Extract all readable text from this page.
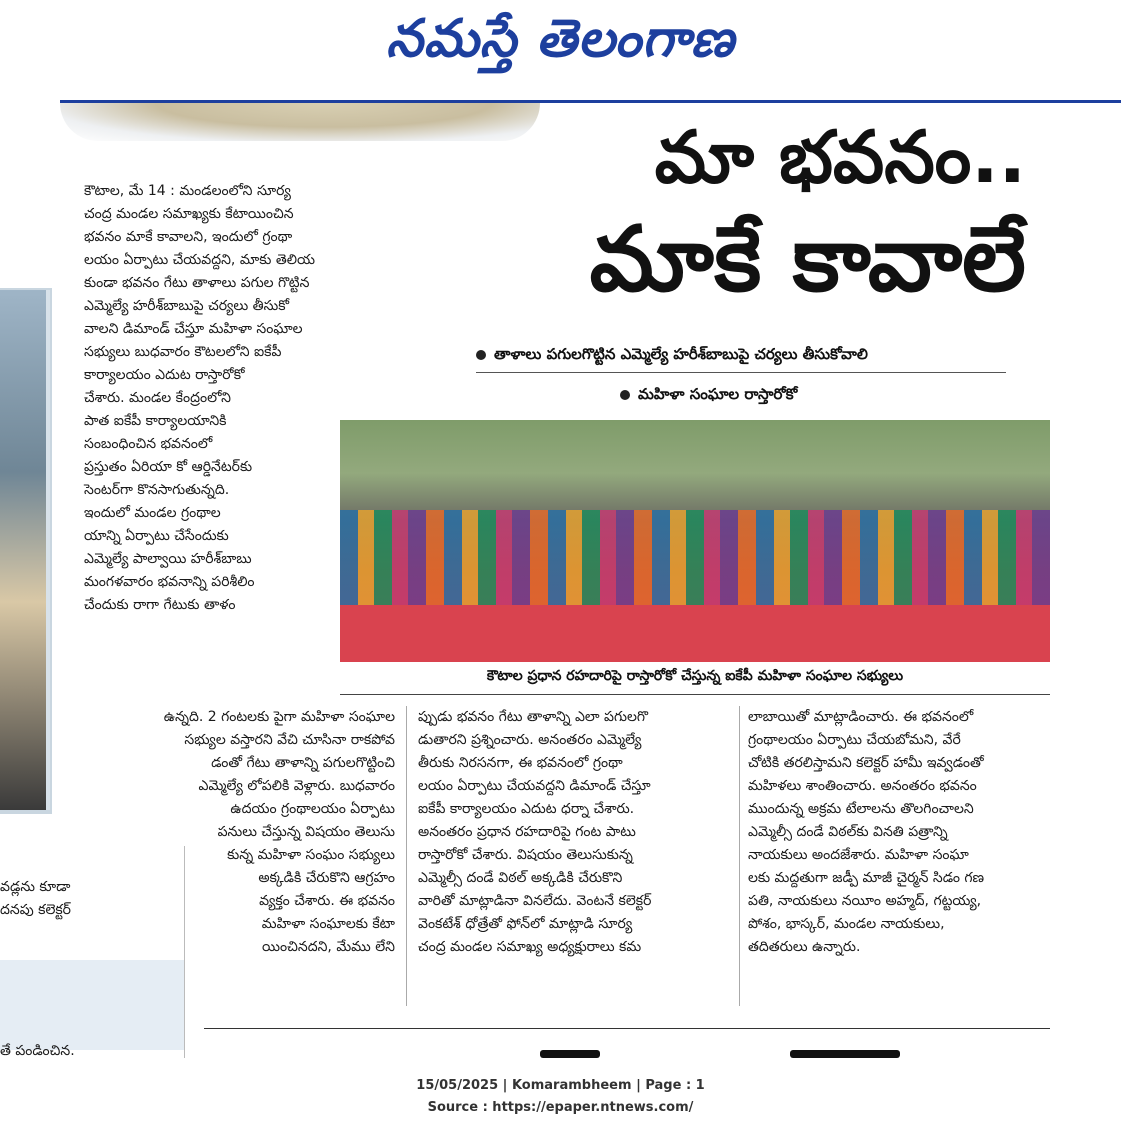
నమస్తే తెలంగాణ
మా భవనం..
మాకే కావాలే
తాళాలు పగులగొట్టిన ఎమ్మెల్యే హరీశ్‌బాబుపై చర్యలు తీసుకోవాలి
మహిళా సంఘాల రాస్తారోకో
కౌటాల ప్రధాన రహదారిపై రాస్తారోకో చేస్తున్న ఐకేపీ మహిళా సంఘాల సభ్యులు

కౌటాల, మే 14 : మండలంలోని సూర్య

చంద్ర మండల సమాఖ్యకు కేటాయించిన

భవనం మాకే కావాలని, ఇందులో గ్రంథా

లయం ఏర్పాటు చేయవద్దని, మాకు తెలియ

కుండా భవనం గేటు తాళాలు పగుల గొట్టిన

ఎమ్మెల్యే హరీశ్‌బాబుపై చర్యలు తీసుకో

వాలని డిమాండ్ చేస్తూ మహిళా సంఘాల

సభ్యులు బుధవారం కౌటలలోని ఐకేపీ

కార్యాలయం ఎదుట రాస్తారోకో

చేశారు. మండల కేంద్రంలోని

పాత ఐకేపీ కార్యాలయానికి

సంబంధించిన భవనంలో

ప్రస్తుతం ఏరియా కో ఆర్డినేటర్‌కు

సెంటర్‌గా కొనసాగుతున్నది.

ఇందులో మండల గ్రంథాల

యాన్ని ఏర్పాటు చేసేందుకు

ఎమ్మెల్యే పాల్వాయి హరీశ్‌బాబు

మంగళవారం భవనాన్ని పరిశీలిం

చేందుకు రాగా గేటుకు తాళం

ఉన్నది. 2 గంటలకు పైగా మహిళా సంఘాల
సభ్యుల వస్తారని వేచి చూసినా రాకపోవ
డంతో గేటు తాళాన్ని పగులగొట్టించి
ఎమ్మెల్యే లోపలికి వెళ్లారు. బుధవారం
ఉదయం గ్రంథాలయం ఏర్పాటు
పనులు చేస్తున్న విషయం తెలుసు
కున్న మహిళా సంఘం సభ్యులు
అక్కడికి చేరుకొని ఆగ్రహం
వ్యక్తం చేశారు. ఈ భవనం
మహిళా సంఘాలకు కేటా
యించినదని, మేము లేని
ప్పుడు భవనం గేటు తాళాన్ని ఎలా పగులగొ
డుతారని ప్రశ్నించారు. అనంతరం ఎమ్మెల్యే
తీరుకు నిరసనగా, ఈ భవనంలో గ్రంథా
లయం ఏర్పాటు చేయవద్దని డిమాండ్ చేస్తూ
ఐకేపీ కార్యాలయం ఎదుట ధర్నా చేశారు.
అనంతరం ప్రధాన రహదారిపై గంట పాటు
రాస్తారోకో చేశారు. విషయం తెలుసుకున్న
ఎమ్మెల్సీ దండే విఠల్ అక్కడికి చేరుకొని
వారితో మాట్లాడినా వినలేదు. వెంటనే కలెక్టర్
వెంకటేశ్ ధోత్రేతో ఫోన్‌లో మాట్లాడి సూర్య
చంద్ర మండల సమాఖ్య అధ్యక్షురాలు కమ
లాబాయితో మాట్లాడించారు. ఈ భవనంలో
గ్రంథాలయం ఏర్పాటు చేయబోమని, వేరే
చోటికి తరలిస్తామని కలెక్టర్ హామీ ఇవ్వడంతో
మహిళలు శాంతించారు. అనంతరం భవనం
ముందున్న అక్రమ టేలాలను తొలగించాలని
ఎమ్మెల్సీ దండే విఠల్‌కు వినతి పత్రాన్ని
నాయకులు అందజేశారు. మహిళా సంఘా
లకు మద్దతుగా జడ్పీ మాజీ చైర్మన్ సిడం గణ
పతి, నాయకులు నయీం అహ్మద్, గట్టయ్య,
పోశం, భాస్కర్, మండల నాయకులు,
తదితరులు ఉన్నారు.
వడ్లను కూడా
దనపు కలెక్టర్
తే పండించిన.
15/05/2025 | Komarambheem | Page : 1
Source : https://epaper.ntnews.com/
